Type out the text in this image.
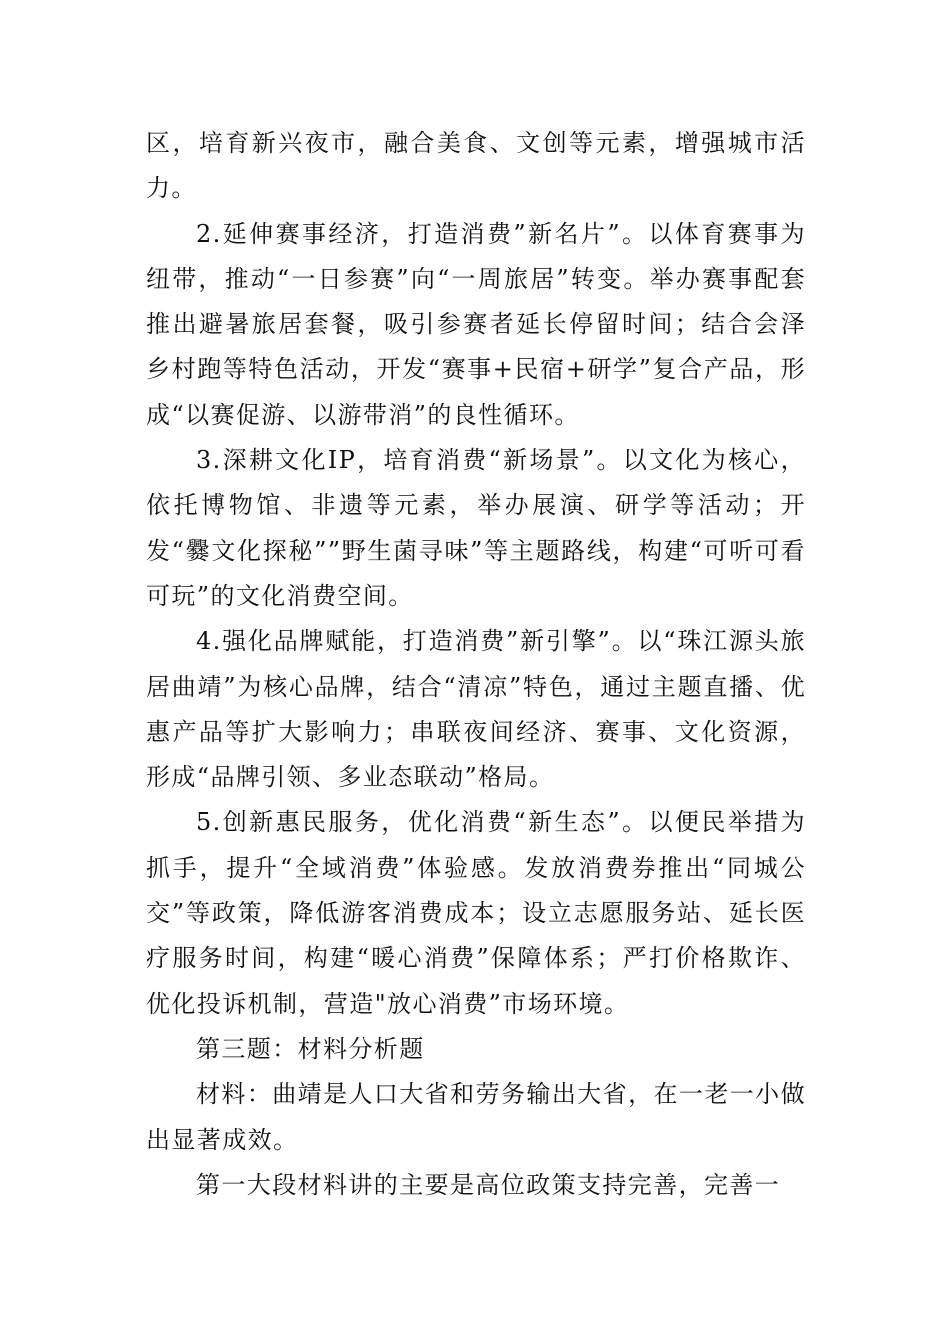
区，培育新兴夜市，融合美食、文创等元素，增强城市活力。

2.延伸赛事经济，打造消费”新名片”。以体育赛事为纽带，推动“一日参赛”向“一周旅居”转变。举办赛事配套推出避暑旅居套餐，吸引参赛者延长停留时间；结合会泽乡村跑等特色活动，开发“赛事+民宿+研学”复合产品，形成“以赛促游、以游带消”的良性循环。

3.深耕文化IP，培育消费“新场景”。以文化为核心，依托博物馆、非遗等元素，举办展演、研学等活动；开发“爨文化探秘””野生菌寻味”等主题路线，构建“可听可看可玩”的文化消费空间。

4.强化品牌赋能，打造消费”新引擎”。以“珠江源头旅居曲靖”为核心品牌，结合“清凉”特色，通过主题直播、优惠产品等扩大影响力；串联夜间经济、赛事、文化资源，形成“品牌引领、多业态联动”格局。

5.创新惠民服务，优化消费“新生态”。以便民举措为抓手，提升“全域消费”体验感。发放消费券推出“同城公交”等政策，降低游客消费成本；设立志愿服务站、延长医疗服务时间，构建“暖心消费”保障体系；严打价格欺诈、优化投诉机制，营造"放心消费”市场环境。

第三题：材料分析题

材料：曲靖是人口大省和劳务输出大省，在一老一小做出显著成效。

第一大段材料讲的主要是高位政策支持完善，完善一
